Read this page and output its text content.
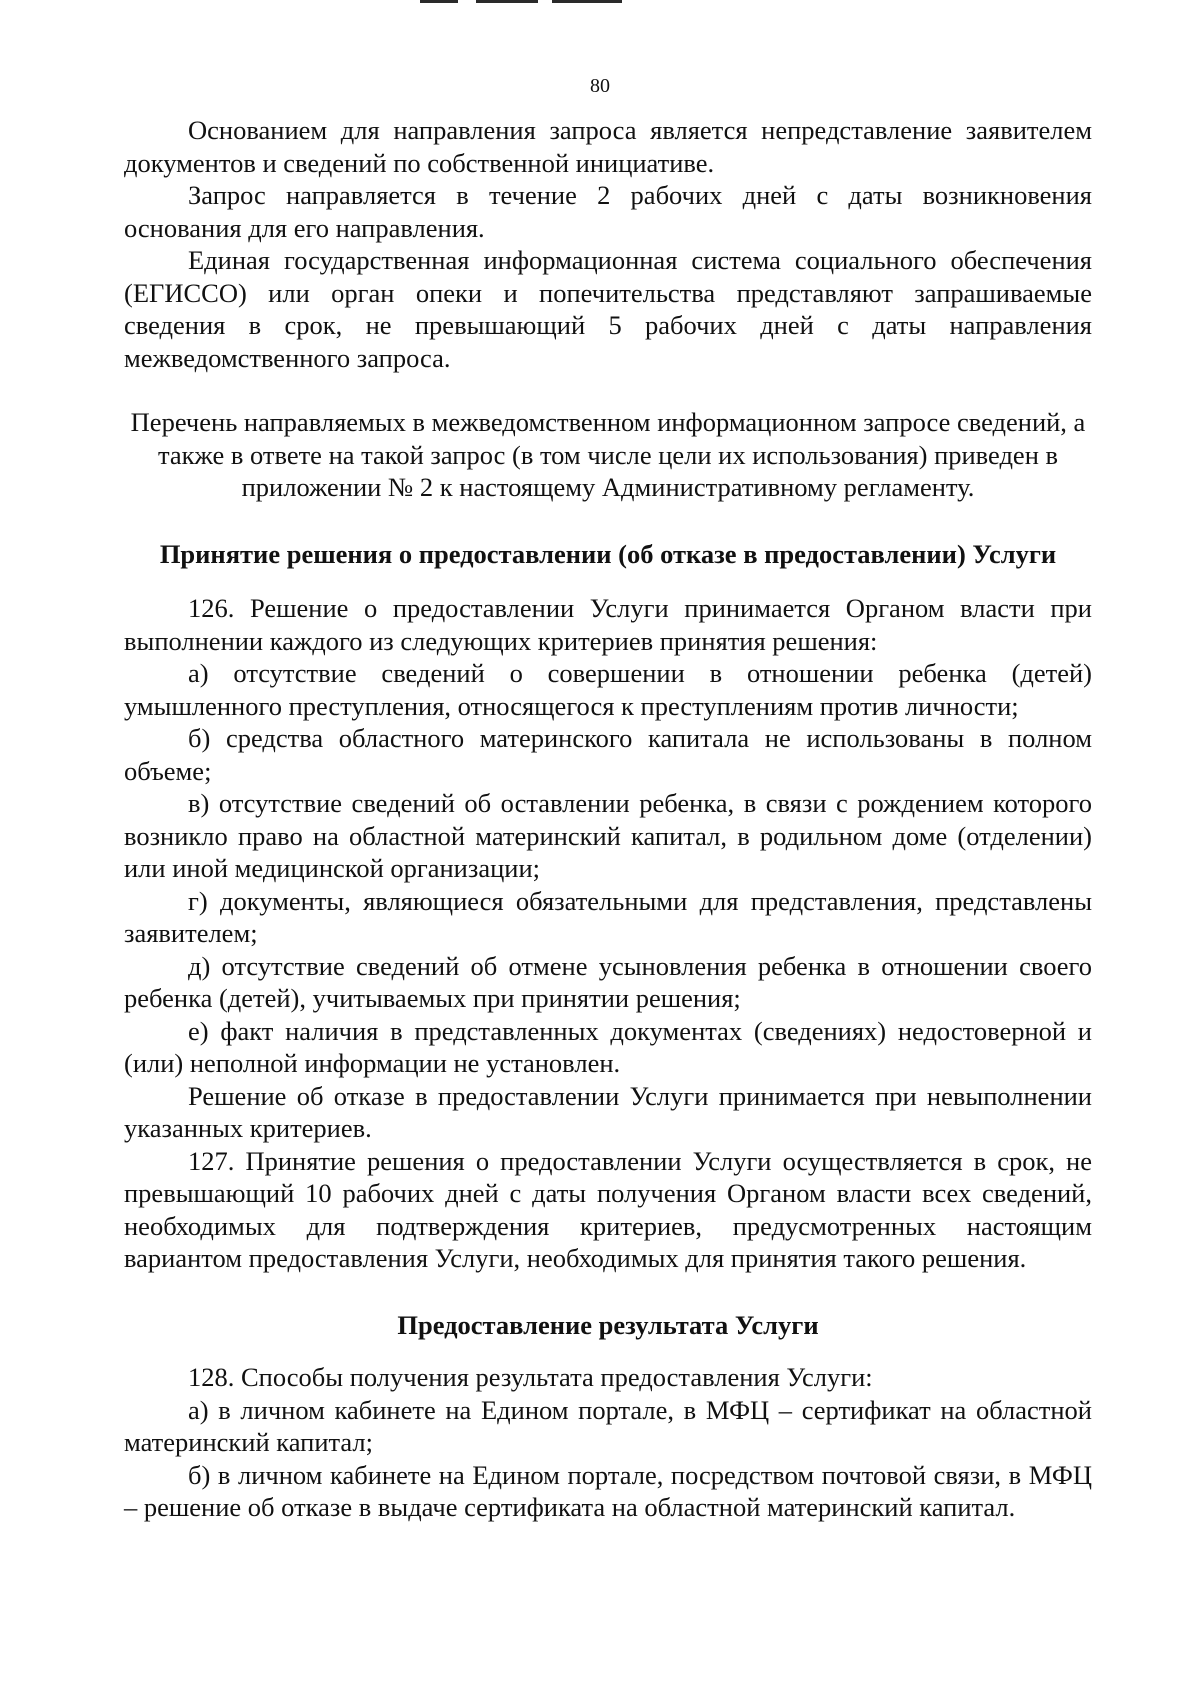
80

Основанием для направления запроса является непредставление заявителем документов и сведений по собственной инициативе.

Запрос направляется в течение 2 рабочих дней с даты возникновения основания для его направления.

Единая государственная информационная система социального обеспечения (ЕГИССО) или орган опеки и попечительства представляют запрашиваемые сведения в срок, не превышающий 5 рабочих дней с даты направления межведомственного запроса.

Перечень направляемых в межведомственном информационном запросе сведений, а также в ответе на такой запрос (в том числе цели их использования) приведен в приложении № 2 к настоящему Административному регламенту.

Принятие решения о предоставлении (об отказе в предоставлении) Услуги

126. Решение о предоставлении Услуги принимается Органом власти при выполнении каждого из следующих критериев принятия решения:

а) отсутствие сведений о совершении в отношении ребенка (детей) умышленного преступления, относящегося к преступлениям против личности;

б) средства областного материнского капитала не использованы в полном объеме;

в) отсутствие сведений об оставлении ребенка, в связи с рождением которого возникло право на областной материнский капитал, в родильном доме (отделении) или иной медицинской организации;

г) документы, являющиеся обязательными для представления, представлены заявителем;

д) отсутствие сведений об отмене усыновления ребенка в отношении своего ребенка (детей), учитываемых при принятии решения;

е) факт наличия в представленных документах (сведениях) недостоверной и (или) неполной информации не установлен.

Решение об отказе в предоставлении Услуги принимается при невыполнении указанных критериев.

127. Принятие решения о предоставлении Услуги осуществляется в срок, не превышающий 10 рабочих дней с даты получения Органом власти всех сведений, необходимых для подтверждения критериев, предусмотренных настоящим вариантом предоставления Услуги, необходимых для принятия такого решения.

Предоставление результата Услуги

128. Способы получения результата предоставления Услуги:

а) в личном кабинете на Едином портале, в МФЦ – сертификат на областной материнский капитал;

б) в личном кабинете на Едином портале, посредством почтовой связи, в МФЦ – решение об отказе в выдаче сертификата на областной материнский капитал.
